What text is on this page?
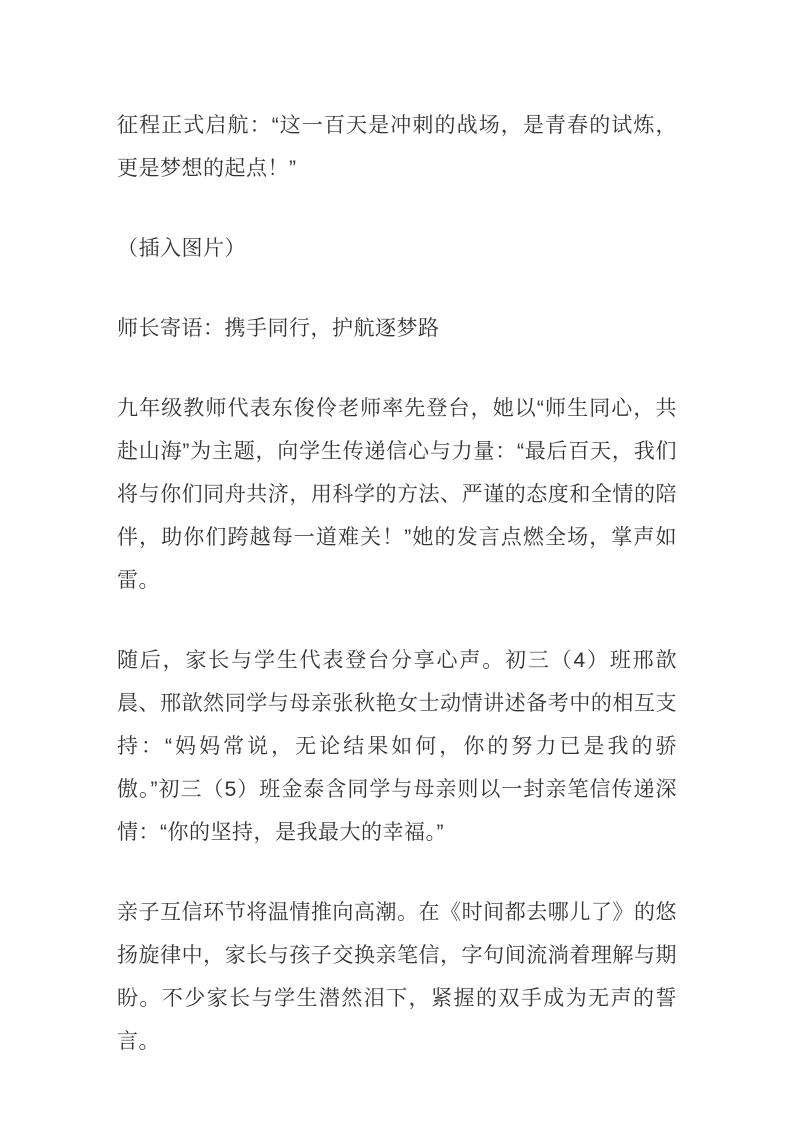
征程正式启航：“这一百天是冲刺的战场，是青春的试炼，更是梦想的起点！”

（插入图片）

师长寄语：携手同行，护航逐梦路

九年级教师代表东俊伶老师率先登台，她以“师生同心，共赴山海”为主题，向学生传递信心与力量：“最后百天，我们将与你们同舟共济，用科学的方法、严谨的态度和全情的陪伴，助你们跨越每一道难关！”她的发言点燃全场，掌声如雷。

随后，家长与学生代表登台分享心声。初三（4）班邢歆晨、邢歆然同学与母亲张秋艳女士动情讲述备考中的相互支持：“妈妈常说，无论结果如何，你的努力已是我的骄傲。”初三（5）班金泰含同学与母亲则以一封亲笔信传递深情：“你的坚持，是我最大的幸福。”

亲子互信环节将温情推向高潮。在《时间都去哪儿了》的悠扬旋律中，家长与孩子交换亲笔信，字句间流淌着理解与期盼。不少家长与学生潜然泪下，紧握的双手成为无声的誓言。
